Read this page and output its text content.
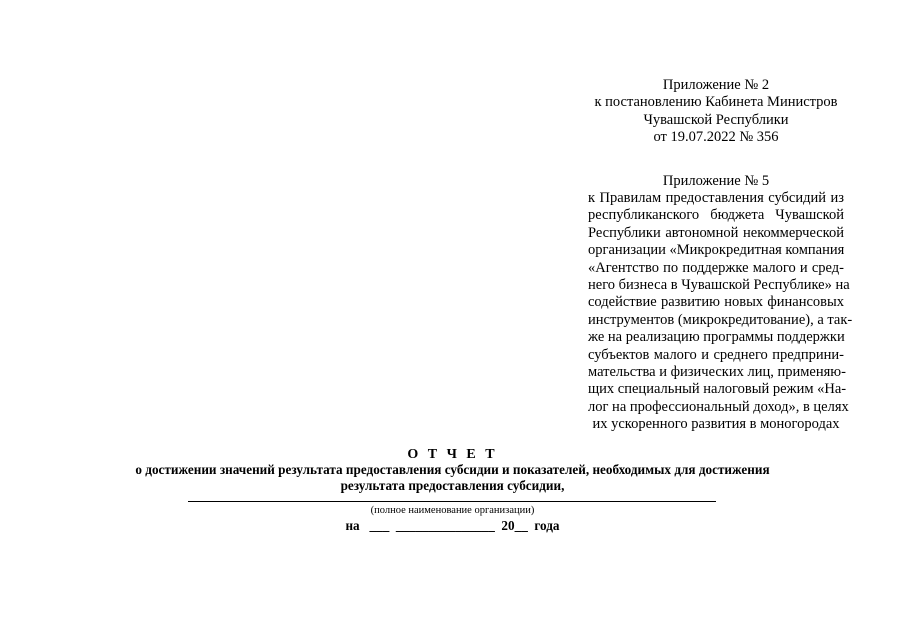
Приложение № 2
к постановлению Кабинета Министров
Чувашской Республики
от 19.07.2022 № 356
Приложение № 5
к Правилам предоставления субсидий из
республиканского бюджета Чувашской
Республики автономной некоммерческой
организации «Микрокредитная компания
«Агентство по поддержке малого и сред-
него бизнеса в Чувашской Республике» на
содействие развитию новых финансовых
инструментов (микрокредитование), а так-
же на реализацию программы поддержки
субъектов малого и среднего предприни-
мательства и физических лиц, применяю-
щих специальный налоговый режим «На-
лог на профессиональный доход», в целях
их ускоренного развития в моногородах
О Т Ч Е Т
о достижении значений результата предоставления субсидии и показателей, необходимых для достижения
результата предоставления субсидии,
(полное наименование организации)
на   ___  _______________  20__  года
